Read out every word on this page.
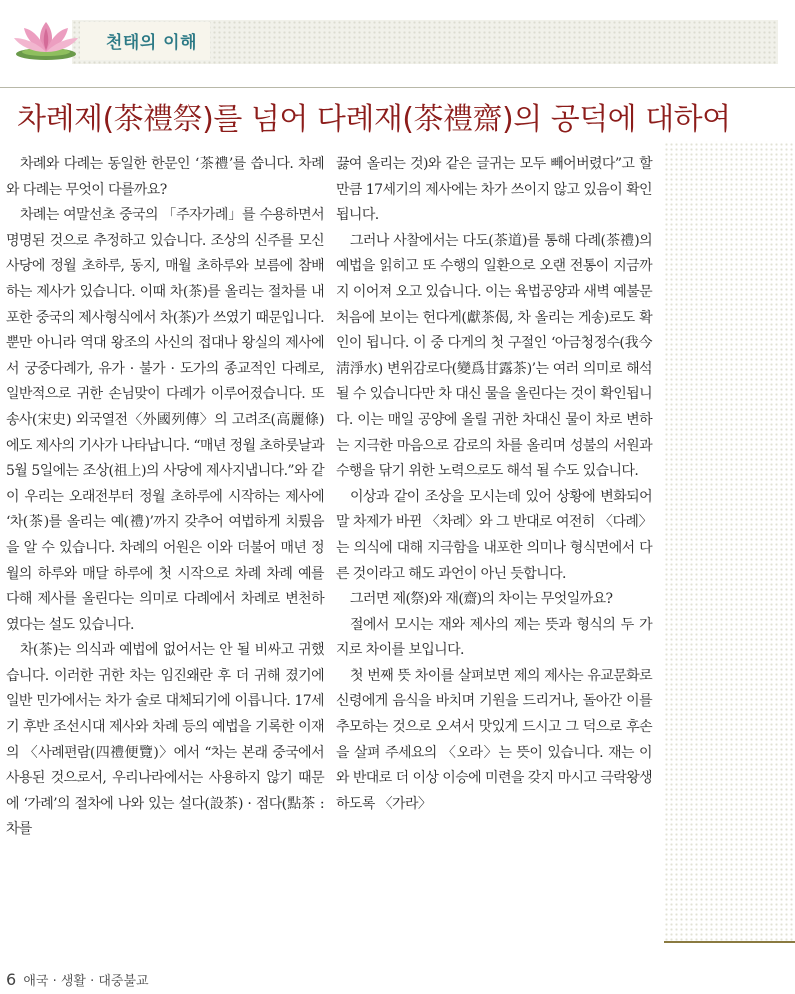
천태의 이해
차례제(茶禮祭)를 넘어 다례재(茶禮齋)의 공덕에 대하여

차례와 다례는 동일한 한문인 ‘茶禮’를 씁니다. 차례와 다례는 무엇이 다를까요?

차례는 여말선초 중국의 「주자가례」를 수용하면서 명명된 것으로 추정하고 있습니다. 조상의 신주를 모신 사당에 정월 초하루, 동지, 매월 초하루와 보름에 참배하는 제사가 있습니다. 이때 차(茶)를 올리는 절차를 내포한 중국의 제사형식에서 차(茶)가 쓰였기 때문입니다. 뿐만 아니라 역대 왕조의 사신의 접대나 왕실의 제사에서 궁중다례가, 유가 · 불가 · 도가의 종교적인 다례로, 일반적으로 귀한 손님맞이 다례가 이루어졌습니다. 또 송사(宋史) 외국열전〈外國列傳〉의 고려조(高麗條) 에도 제사의 기사가 나타납니다. “매년 정월 초하룻날과 5월 5일에는 조상(祖上)의 사당에 제사지냅니다.”와 같이 우리는 오래전부터 정월 초하루에 시작하는 제사에 ‘차(茶)를 올리는 예(禮)’까지 갖추어 여법하게 치뤘음을 알 수 있습니다. 차례의 어원은 이와 더불어 매년 정월의 하루와 매달 하루에 첫 시작으로 차례 차례 예를 다해 제사를 올린다는 의미로 다례에서 차례로 변천하였다는 설도 있습니다.

차(茶)는 의식과 예법에 없어서는 안 될 비싸고 귀했습니다. 이러한 귀한 차는 임진왜란 후 더 귀해 졌기에 일반 민가에서는 차가 술로 대체되기에 이릅니다. 17세기 후반 조선시대 제사와 차례 등의 예법을 기록한 이재의 〈사례편람(四禮便覽)〉에서 “차는 본래 중국에서 사용된 것으로서, 우리나라에서는 사용하지 않기 때문에 ‘가례’의 절차에 나와 있는 설다(設茶) · 점다(點茶 : 차를

끓여 올리는 것)와 같은 글귀는 모두 빼어버렸다”고 할 만큼 17세기의 제사에는 차가 쓰이지 않고 있음이 확인됩니다.

그러나 사찰에서는 다도(茶道)를 통해 다례(茶禮)의 예법을 읽히고 또 수행의 일환으로 오랜 전통이 지금까지 이어져 오고 있습니다. 이는 육법공양과 새벽 예불문 처음에 보이는 헌다게(獻茶偈, 차 올리는 게송)로도 확인이 됩니다. 이 중 다게의 첫 구절인 ‘아금청정수(我今淸淨水) 변위감로다(變爲甘露茶)’는 여러 의미로 해석 될 수 있습니다만 차 대신 물을 올린다는 것이 확인됩니다. 이는 매일 공양에 올릴 귀한 차대신 물이 차로 변하는 지극한 마음으로 감로의 차를 올리며 성불의 서원과 수행을 닦기 위한 노력으로도 해석 될 수도 있습니다.

이상과 같이 조상을 모시는데 있어 상황에 변화되어 말 차제가 바뀐 〈차례〉와 그 반대로 여전히 〈다례〉는 의식에 대해 지극함을 내포한 의미나 형식면에서 다른 것이라고 해도 과언이 아닌 듯합니다.

그러면 제(祭)와 재(齋)의 차이는 무엇일까요?

절에서 모시는 재와 제사의 제는 뜻과 형식의 두 가지로 차이를 보입니다.

첫 번째 뜻 차이를 살펴보면 제의 제사는 유교문화로 신령에게 음식을 바치며 기원을 드리거나, 돌아간 이를 추모하는 것으로 오셔서 맛있게 드시고 그 덕으로 후손을 살펴 주세요의 〈오라〉는 뜻이 있습니다. 재는 이와 반대로 더 이상 이승에 미련을 갖지 마시고 극락왕생하도록 〈가라〉

6 애국 · 생활 · 대중불교
